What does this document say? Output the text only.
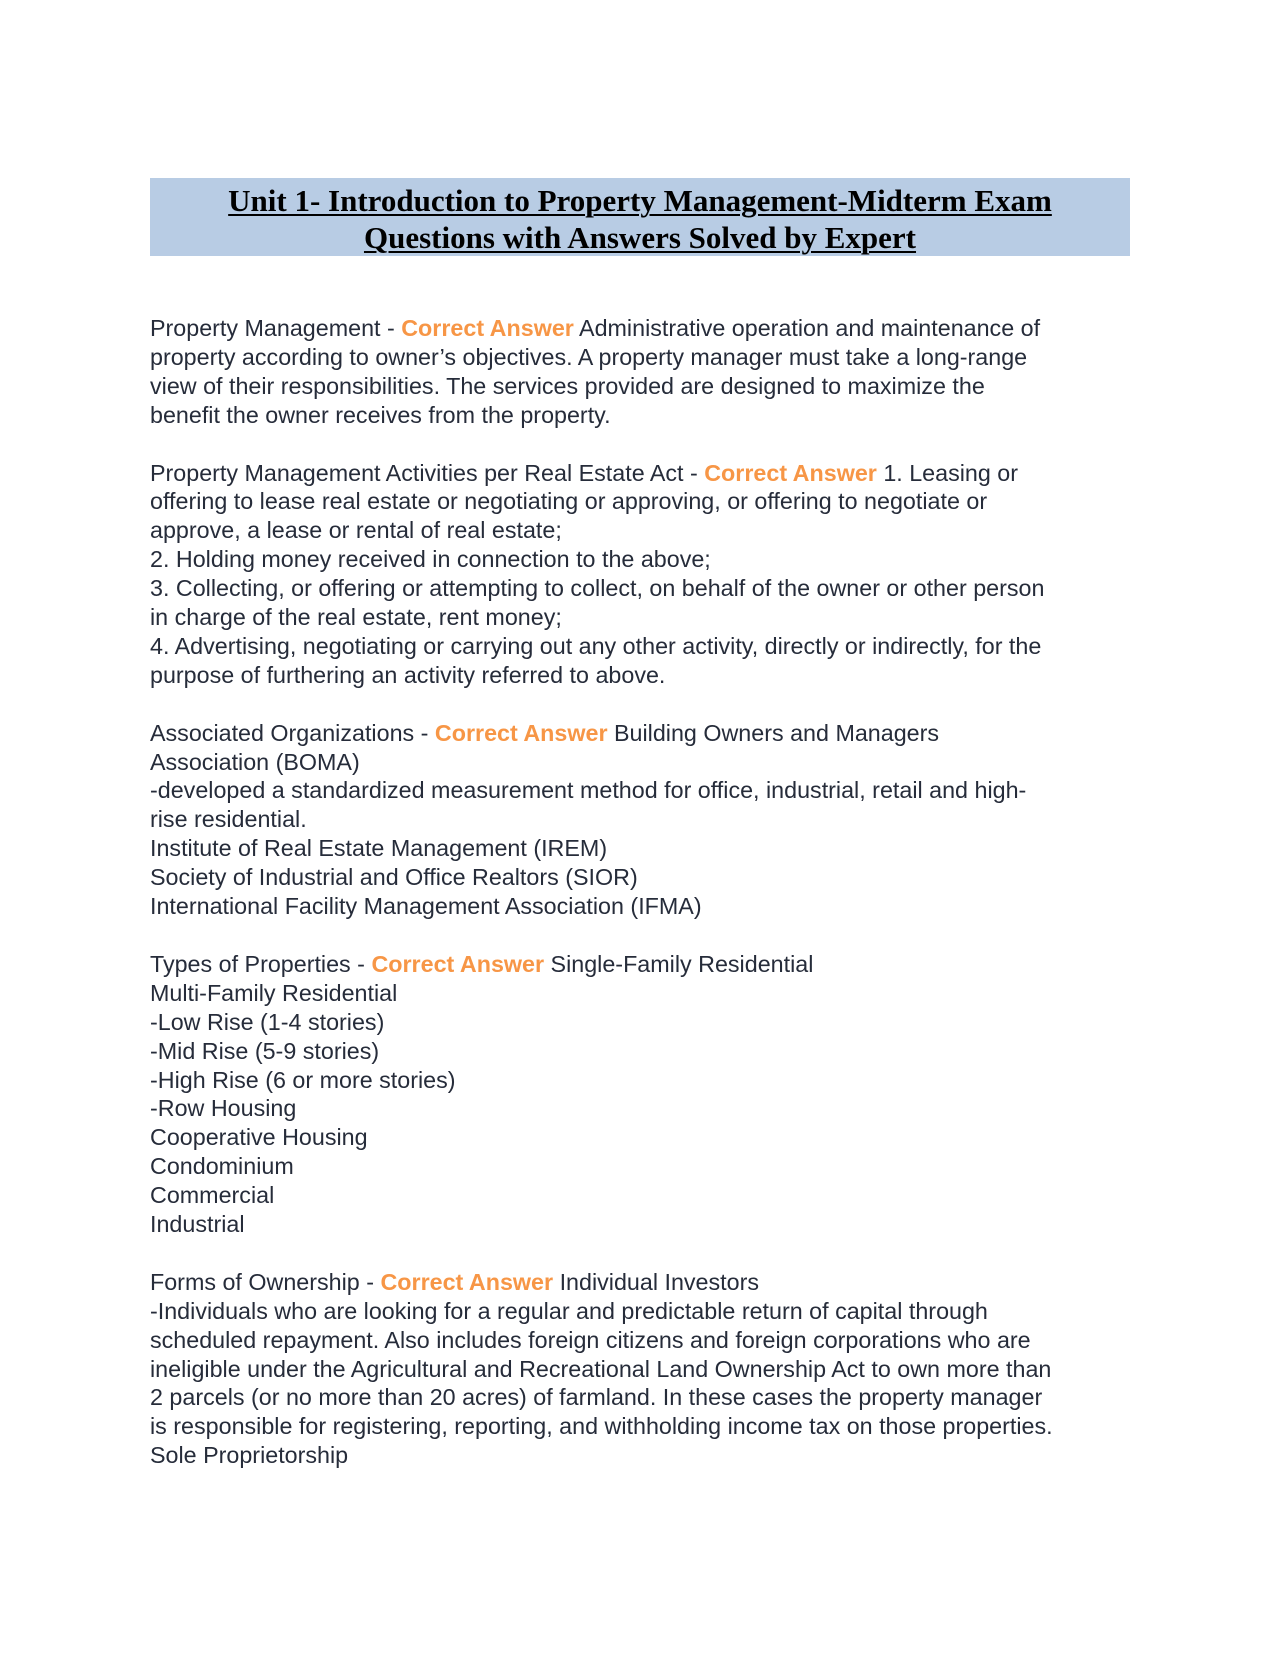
Unit 1- Introduction to Property Management-Midterm Exam
Questions with Answers Solved by Expert
Property Management - Correct Answer Administrative operation and maintenance of
property according to owner’s objectives. A property manager must take a long-range
view of their responsibilities. The services provided are designed to maximize the
benefit the owner receives from the property.
Property Management Activities per Real Estate Act - Correct Answer 1. Leasing or
offering to lease real estate or negotiating or approving, or offering to negotiate or
approve, a lease or rental of real estate;
2. Holding money received in connection to the above;
3. Collecting, or offering or attempting to collect, on behalf of the owner or other person
in charge of the real estate, rent money;
4. Advertising, negotiating or carrying out any other activity, directly or indirectly, for the
purpose of furthering an activity referred to above.
Associated Organizations - Correct Answer Building Owners and Managers
Association (BOMA)
-developed a standardized measurement method for office, industrial, retail and high-
rise residential.
Institute of Real Estate Management (IREM)
Society of Industrial and Office Realtors (SIOR)
International Facility Management Association (IFMA)
Types of Properties - Correct Answer Single-Family Residential
Multi-Family Residential
-Low Rise (1-4 stories)
-Mid Rise (5-9 stories)
-High Rise (6 or more stories)
-Row Housing
Cooperative Housing
Condominium
Commercial
Industrial
Forms of Ownership - Correct Answer Individual Investors
-Individuals who are looking for a regular and predictable return of capital through
scheduled repayment. Also includes foreign citizens and foreign corporations who are
ineligible under the Agricultural and Recreational Land Ownership Act to own more than
2 parcels (or no more than 20 acres) of farmland. In these cases the property manager
is responsible for registering, reporting, and withholding income tax on those properties.
Sole Proprietorship
